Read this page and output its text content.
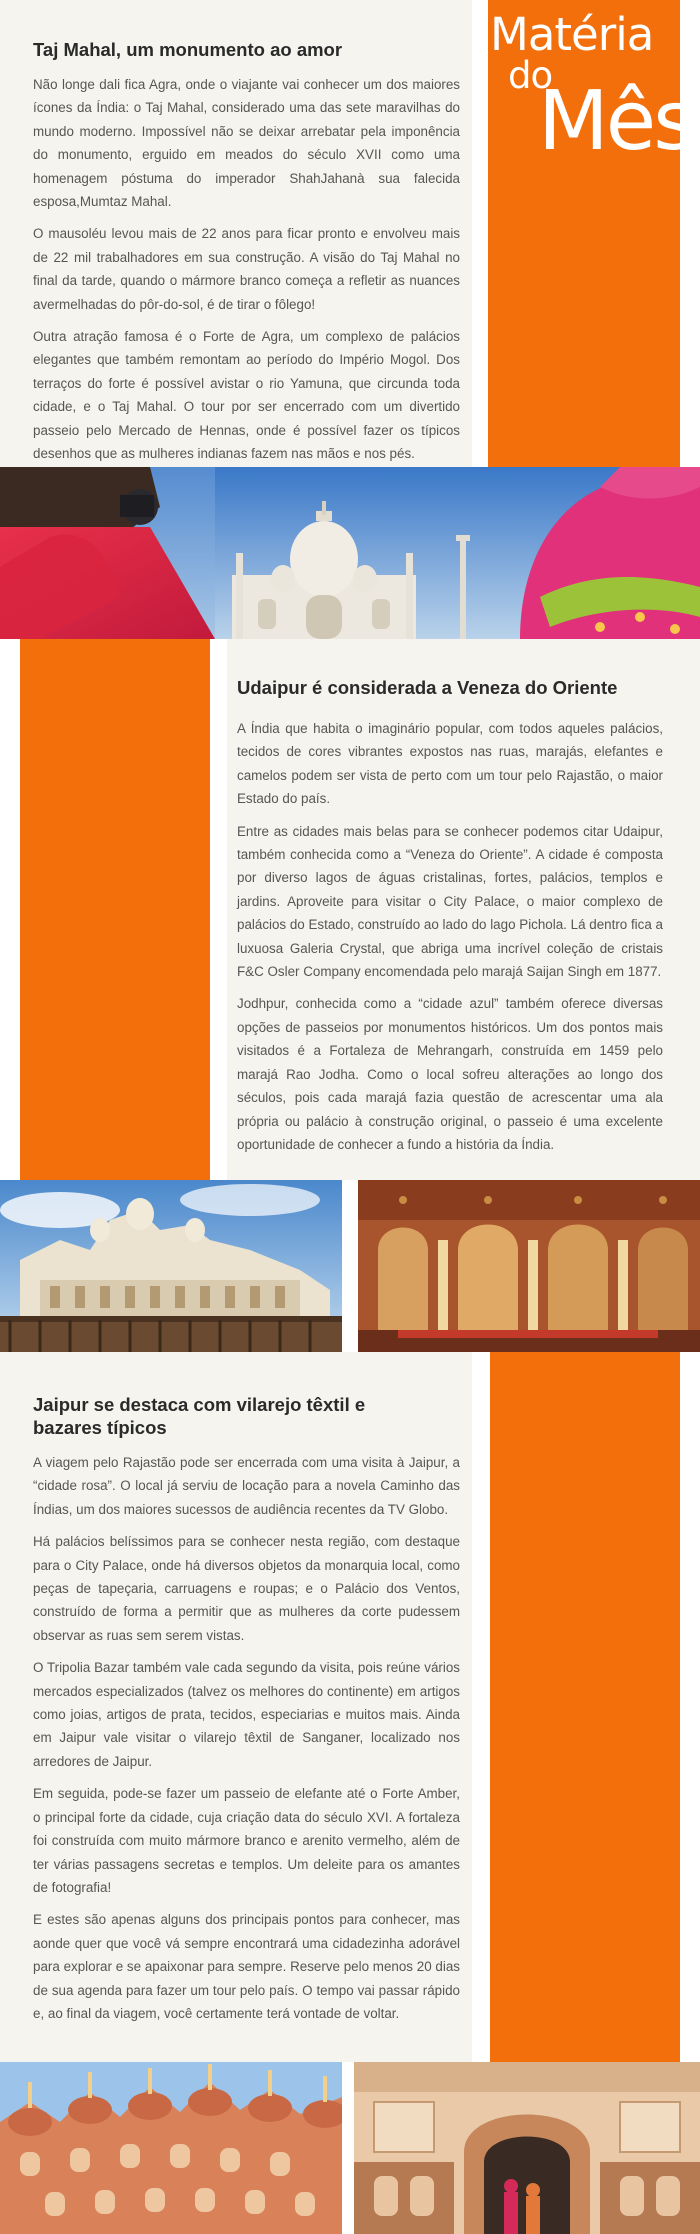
Matéria
do
Mês
Taj Mahal, um monumento ao amor

Não longe dali fica Agra, onde o viajante vai conhecer um dos maiores ícones da Índia: o Taj Mahal, considerado uma das sete maravilhas do mundo moderno. Impossível não se deixar arrebatar pela imponência do monumento, erguido em meados do século XVII como uma homenagem póstuma do imperador ShahJahanà sua falecida esposa,Mumtaz Mahal.

O mausoléu levou mais de 22 anos para ficar pronto e envolveu mais de 22 mil trabalhadores em sua construção. A visão do Taj Mahal no final da tarde, quando o mármore branco começa a refletir as nuances avermelhadas do pôr-do-sol, é de tirar o fôlego!

Outra atração famosa é o Forte de Agra, um complexo de palácios elegantes que também remontam ao período do Império Mogol. Dos terraços do forte é possível avistar o rio Yamuna, que circunda toda cidade, e o Taj Mahal. O tour por ser encerrado com um divertido passeio pelo Mercado de Hennas, onde é possível fazer os típicos desenhos que as mulheres indianas fazem nas mãos e nos pés.

Udaipur é considerada a Veneza do Oriente

A Índia que habita o imaginário popular, com todos aqueles palácios, tecidos de cores vibrantes expostos nas ruas, marajás, elefantes e camelos podem ser vista de perto com um tour pelo Rajastão, o maior Estado do país.

Entre as cidades mais belas para se conhecer podemos citar Udaipur, também conhecida como a “Veneza do Oriente”. A cidade é composta por diverso lagos de águas cristalinas, fortes, palácios, templos e jardins. Aproveite para visitar o City Palace, o maior complexo de palácios do Estado, construído ao lado do lago Pichola. Lá dentro fica a luxuosa Galeria Crystal, que abriga uma incrível coleção de cristais F&C Osler Company encomendada pelo marajá Saijan Singh em 1877.

Jodhpur, conhecida como a “cidade azul” também oferece diversas opções de passeios por monumentos históricos. Um dos pontos mais visitados é a Fortaleza de Mehrangarh, construída em 1459 pelo marajá Rao Jodha. Como o local sofreu alterações ao longo dos séculos, pois cada marajá fazia questão de acrescentar uma ala própria ou palácio à construção original, o passeio é uma excelente oportunidade de conhecer a fundo a história da Índia.

Jaipur se destaca com vilarejo têxtil e
bazares típicos

A viagem pelo Rajastão pode ser encerrada com uma visita à Jaipur, a “cidade rosa”. O local já serviu de locação para a novela Caminho das Índias, um dos maiores sucessos de audiência recentes da TV Globo.

Há palácios belíssimos para se conhecer nesta região, com destaque para o City Palace, onde há diversos objetos da monarquia local, como peças de tapeçaria, carruagens e roupas; e o Palácio dos Ventos, construído de forma a permitir que as mulheres da corte pudessem observar as ruas sem serem vistas.

O Tripolia Bazar também vale cada segundo da visita, pois reúne vários mercados especializados (talvez os melhores do continente) em artigos como joias, artigos de prata, tecidos, especiarias e muitos mais. Ainda em Jaipur vale visitar o vilarejo têxtil de Sanganer, localizado nos arredores de Jaipur.

Em seguida, pode-se fazer um passeio de elefante até o Forte Amber, o principal forte da cidade, cuja criação data do século XVI. A fortaleza foi construída com muito mármore branco e arenito vermelho, além de ter várias passagens secretas e templos. Um deleite para os amantes de fotografia!

E estes são apenas alguns dos principais pontos para conhecer, mas aonde quer que você vá sempre encontrará uma cidadezinha adorável para explorar e se apaixonar para sempre. Reserve pelo menos 20 dias de sua agenda para fazer um tour pelo país. O tempo vai passar rápido e, ao final da viagem, você certamente terá vontade de voltar.
